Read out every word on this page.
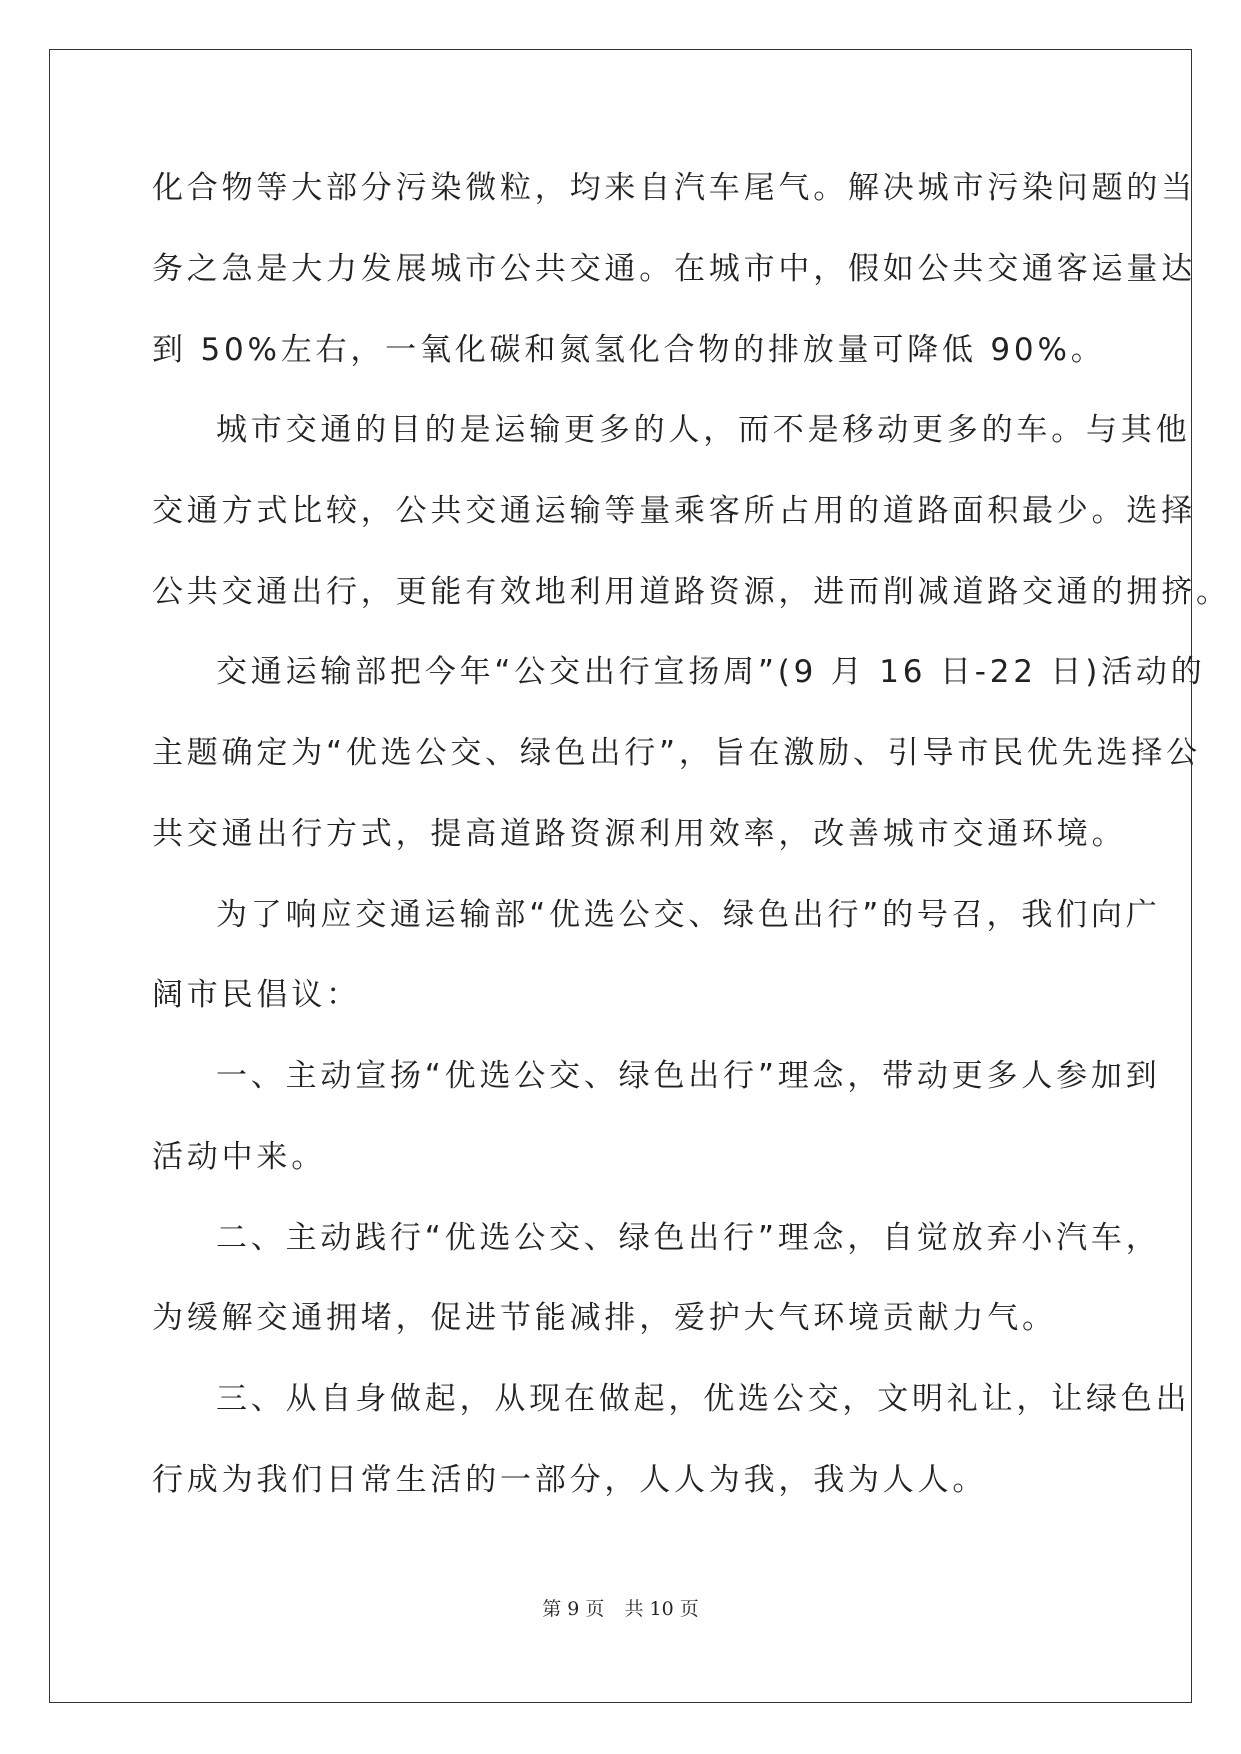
化合物等大部分污染微粒，均来自汽车尾气。解决城市污染问题的当
务之急是大力发展城市公共交通。在城市中，假如公共交通客运量达
到 50%左右，一氧化碳和氮氢化合物的排放量可降低 90%。
城市交通的目的是运输更多的人，而不是移动更多的车。与其他
交通方式比较，公共交通运输等量乘客所占用的道路面积最少。选择
公共交通出行，更能有效地利用道路资源，进而削减道路交通的拥挤。
交通运输部把今年“公交出行宣扬周”(9 月 16 日-22 日)活动的
主题确定为“优选公交、绿色出行”，旨在激励、引导市民优先选择公
共交通出行方式，提高道路资源利用效率，改善城市交通环境。
为了响应交通运输部“优选公交、绿色出行”的号召，我们向广
阔市民倡议：
一、主动宣扬“优选公交、绿色出行”理念，带动更多人参加到
活动中来。
二、主动践行“优选公交、绿色出行”理念，自觉放弃小汽车，
为缓解交通拥堵，促进节能减排，爱护大气环境贡献力气。
三、从自身做起，从现在做起，优选公交，文明礼让，让绿色出
行成为我们日常生活的一部分，人人为我，我为人人。
第 9 页 共 10 页
